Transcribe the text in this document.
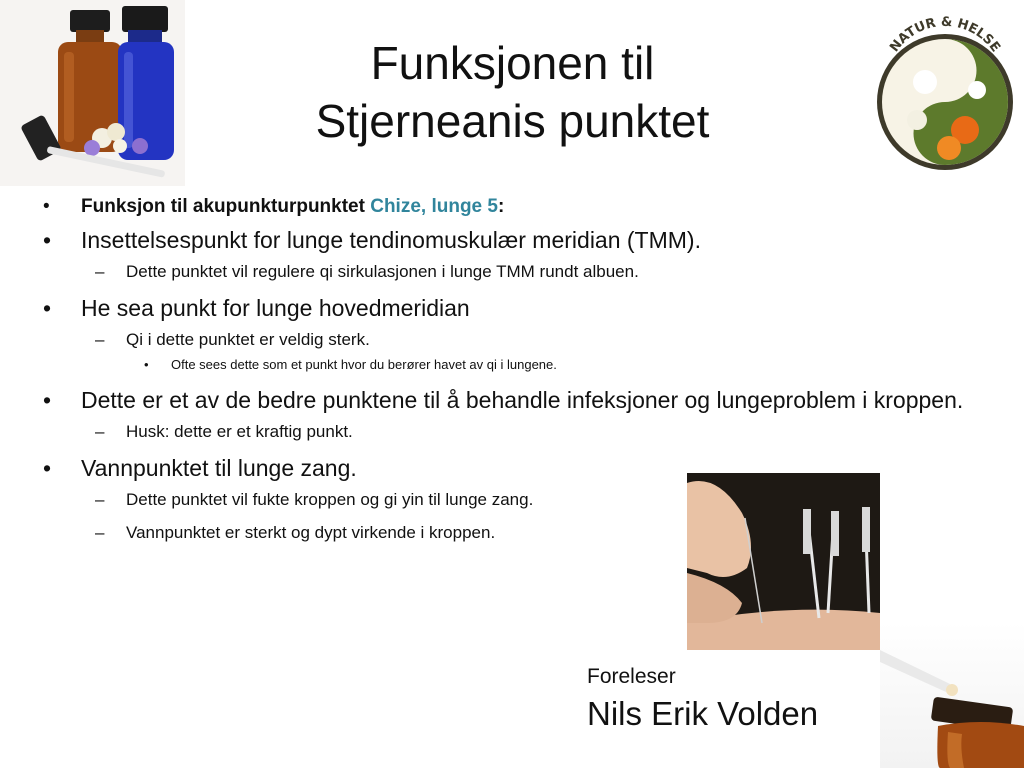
NATUR & HELSE
Funksjonen til
Stjerneanis punktet
• Funksjon til akupunkturpunktet Chize, lunge 5:
• Insettelsespunkt for lunge tendinomuskulær meridian (TMM).
– Dette punktet vil regulere qi sirkulasjonen i lunge TMM rundt albuen.
• He sea punkt for lunge hovedmeridian
– Qi i dette punktet er veldig sterk.
• Ofte sees dette som et punkt hvor du berører havet av qi i lungene.
• Dette er et av de bedre punktene til å behandle infeksjoner og lungeproblem i kroppen.
– Husk: dette er et kraftig punkt.
• Vannpunktet til lunge zang.
– Dette punktet vil fukte kroppen og gi yin til lunge zang.
– Vannpunktet er sterkt og dypt virkende i kroppen.
Foreleser
Nils Erik Volden
